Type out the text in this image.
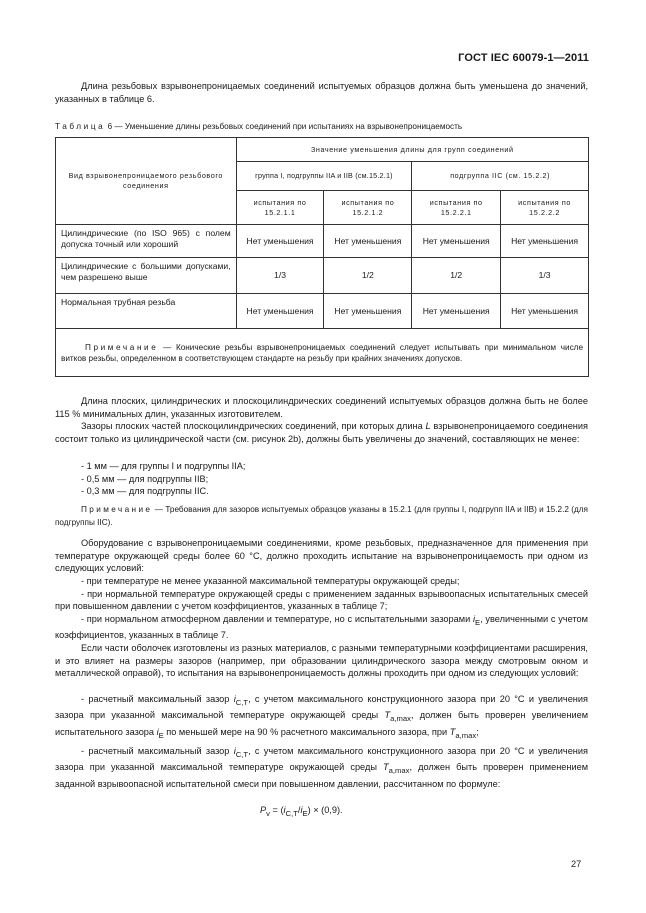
ГОСТ IEC 60079-1—2011
Длина резьбовых взрывонепроницаемых соединений испытуемых образцов должна быть уменьшена до значений, указанных в таблице 6.
Таблица 6 — Уменьшение длины резьбовых соединений при испытаниях на взрывонепроницаемость
Вид взрывонепроницаемого резьбового соединения	Значение уменьшения длины для групп соединений			
	группа I, подгруппы IIA и IIB (см.15.2.1)		подгруппа IIC (см. 15.2.2)	
	испытания по 15.2.1.1	испытания по 15.2.1.2	испытания по 15.2.2.1	испытания по 15.2.2.2
Цилиндрические (по ISO 965) с полем допуска точный или хороший	Нет уменьшения	Нет уменьшения	Нет уменьшения	Нет уменьшения
Цилиндрические с большими допусками, чем разрешено выше	1/3	1/2	1/2	1/3
Нормальная трубная резьба	Нет уменьшения	Нет уменьшения	Нет уменьшения	Нет уменьшения
Примечание — Конические резьбы взрывонепроницаемых соединений следует испытывать при минимальном числе витков резьбы, определенном в соответствующем стандарте на резьбу при крайних значениях допусков.				
Длина плоских, цилиндрических и плоскоцилиндрических соединений испытуемых образцов должна быть не более 115 % минимальных длин, указанных изготовителем.
Зазоры плоских частей плоскоцилиндрических соединений, при которых длина L взрывонепроницаемого соединения состоит только из цилиндрической части (см. рисунок 2b), должны быть увеличены до значений, составляющих не менее:
- 1 мм — для группы I и подгруппы IIA;
- 0,5 мм — для подгруппы IIB;
- 0,3 мм — для подгруппы IIC.
Примечание — Требования для зазоров испытуемых образцов указаны в 15.2.1 (для группы I, подгрупп IIA и IIB) и 15.2.2 (для подгруппы IIC).
Оборудование с взрывонепроницаемыми соединениями, кроме резьбовых, предназначенное для применения при температуре окружающей среды более 60 °C, должно проходить испытание на взрывонепроницаемость при одном из следующих условий:
- при температуре не менее указанной максимальной температуры окружающей среды;
- при нормальной температуре окружающей среды с применением заданных взрывоопасных испытательных смесей при повышенном давлении с учетом коэффициентов, указанных в таблице 7;
- при нормальном атмосферном давлении и температуре, но с испытательными зазорами $i_E$, увеличенными с учетом коэффициентов, указанных в таблице 7.
Если части оболочек изготовлены из разных материалов, с разными температурными коэффициентами расширения, и это влияет на размеры зазоров (например, при образовании цилиндрического зазора между смотровым окном и металлической оправой), то испытания на взрывонепроницаемость должны проходить при одном из следующих условий:
- расчетный максимальный зазор $i_{C,T}$, с учетом максимального конструкционного зазора при 20 °C и увеличения зазора при указанной максимальной температуре окружающей среды $T_{a,max}$, должен быть проверен увеличением испытательного зазора $i_E$ по меньшей мере на 90 % расчетного максимального зазора, при $T_{a,max}$;
- расчетный максимальный зазор $i_{C,T}$, с учетом максимального конструкционного зазора при 20 °C и увеличения зазора при указанной максимальной температуре окружающей среды $T_{a,max}$, должен быть проверен применением заданной взрывоопасной испытательной смеси при повышенном давлении, рассчитанном по формуле:
$P_v = (i_{C,T}/i_E) \times (0,9)$.
27
